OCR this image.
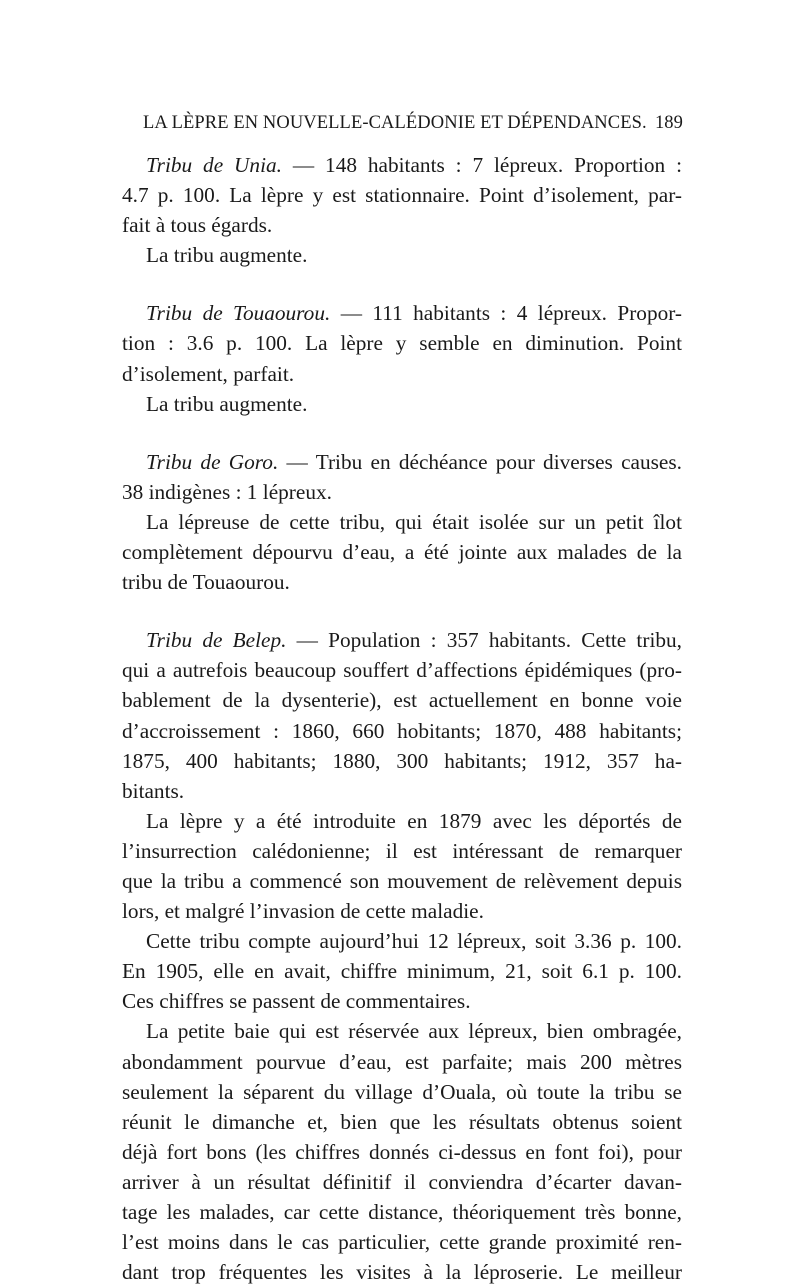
LA LÈPRE EN NOUVELLE-CALÉDONIE ET DÉPENDANCES. 189
Tribu de Unia. — 148 habitants : 7 lépreux. Proportion :
4.7 p. 100. La lèpre y est stationnaire. Point d’isolement, par-
fait à tous égards.
La tribu augmente.
Tribu de Touaourou. — 111 habitants : 4 lépreux. Propor-
tion : 3.6 p. 100. La lèpre y semble en diminution. Point
d’isolement, parfait.
La tribu augmente.
Tribu de Goro. — Tribu en déchéance pour diverses causes.
38 indigènes : 1 lépreux.
La lépreuse de cette tribu, qui était isolée sur un petit îlot
complètement dépourvu d’eau, a été jointe aux malades de la
tribu de Touaourou.
Tribu de Belep. — Population : 357 habitants. Cette tribu,
qui a autrefois beaucoup souffert d’affections épidémiques (pro-
bablement de la dysenterie), est actuellement en bonne voie
d’accroissement : 1860, 660 hobitants; 1870, 488 habitants;
1875, 400 habitants; 1880, 300 habitants; 1912, 357 ha-
bitants.
La lèpre y a été introduite en 1879 avec les déportés de
l’insurrection calédonienne; il est intéressant de remarquer
que la tribu a commencé son mouvement de relèvement depuis
lors, et malgré l’invasion de cette maladie.
Cette tribu compte aujourd’hui 12 lépreux, soit 3.36 p. 100.
En 1905, elle en avait, chiffre minimum, 21, soit 6.1 p. 100.
Ces chiffres se passent de commentaires.
La petite baie qui est réservée aux lépreux, bien ombragée,
abondamment pourvue d’eau, est parfaite; mais 200 mètres
seulement la séparent du village d’Ouala, où toute la tribu se
réunit le dimanche et, bien que les résultats obtenus soient
déjà fort bons (les chiffres donnés ci-dessus en font foi), pour
arriver à un résultat définitif il conviendra d’écarter davan-
tage les malades, car cette distance, théoriquement très bonne,
l’est moins dans le cas particulier, cette grande proximité ren-
dant trop fréquentes les visites à la léproserie. Le meilleur
